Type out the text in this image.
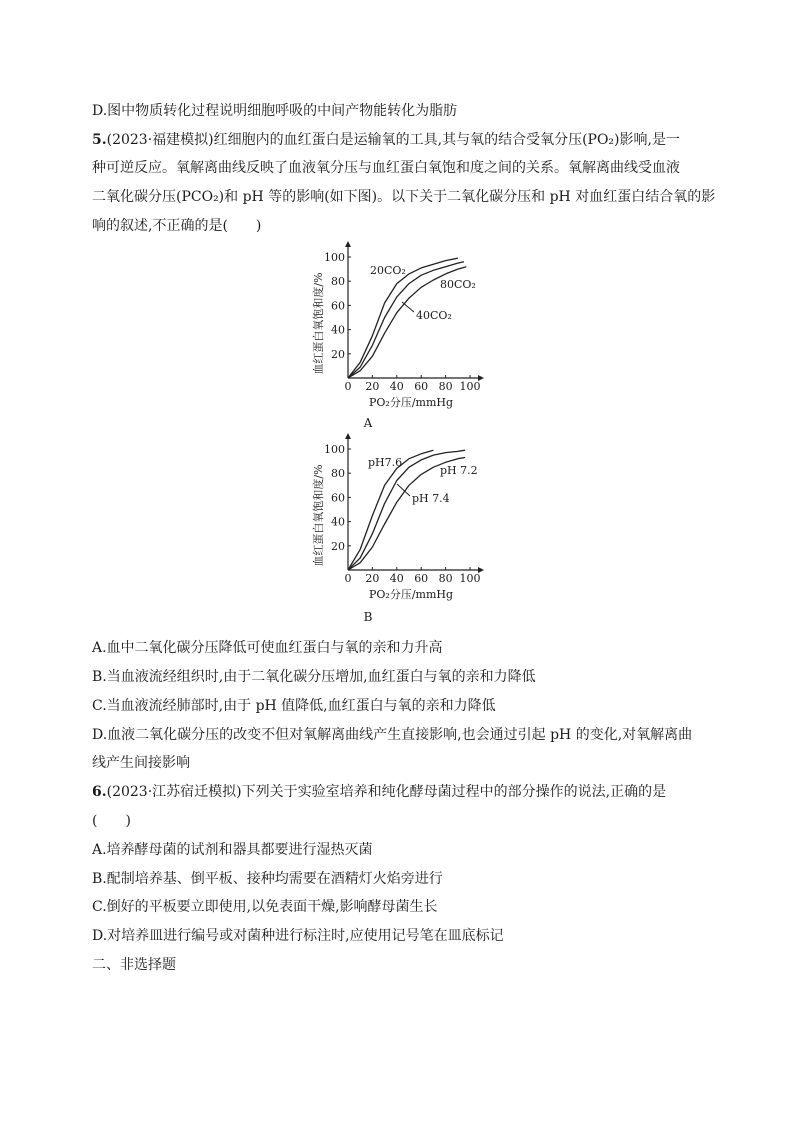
D.图中物质转化过程说明细胞呼吸的中间产物能转化为脂肪
5.(2023·福建模拟)红细胞内的血红蛋白是运输氧的工具,其与氧的结合受氧分压(PO₂)影响,是一
种可逆反应。氧解离曲线反映了血液氧分压与血红蛋白氧饱和度之间的关系。氧解离曲线受血液
二氧化碳分压(PCO₂)和 pH 等的影响(如下图)。以下关于二氧化碳分压和 pH 对血红蛋白结合氧的影
响的叙述,不正确的是(　　)
0 20 40 60 80 100
20
40
60
80
100
PO₂分压/mmHg
血红蛋白氧饱和度/%
20CO₂
40CO₂
80CO₂
A
0 20 40 60 80 100
20
40
60
80
100
PO₂分压/mmHg
血红蛋白氧饱和度/%
pH7.6
pH 7.4
pH 7.2
B
A.血中二氧化碳分压降低可使血红蛋白与氧的亲和力升高
B.当血液流经组织时,由于二氧化碳分压增加,血红蛋白与氧的亲和力降低
C.当血液流经肺部时,由于 pH 值降低,血红蛋白与氧的亲和力降低
D.血液二氧化碳分压的改变不但对氧解离曲线产生直接影响,也会通过引起 pH 的变化,对氧解离曲
线产生间接影响
6.(2023·江苏宿迁模拟)下列关于实验室培养和纯化酵母菌过程中的部分操作的说法,正确的是
(　　)
A.培养酵母菌的试剂和器具都要进行湿热灭菌
B.配制培养基、倒平板、接种均需要在酒精灯火焰旁进行
C.倒好的平板要立即使用,以免表面干燥,影响酵母菌生长
D.对培养皿进行编号或对菌种进行标注时,应使用记号笔在皿底标记
二、非选择题
